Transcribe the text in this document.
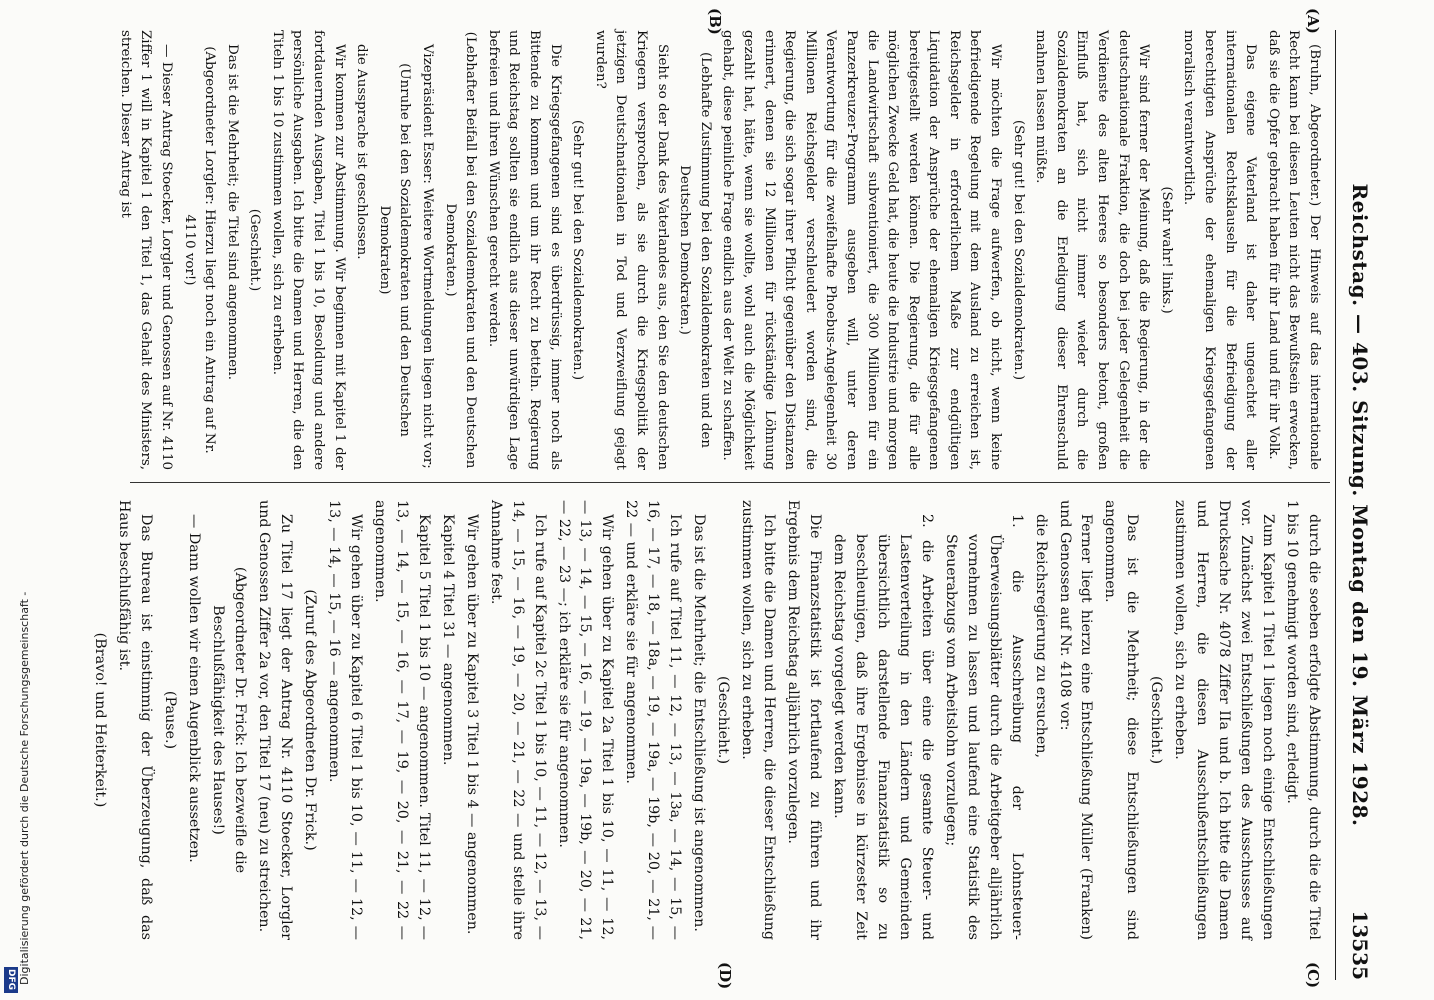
Reichstag. — 403. Sitzung. Montag den 19. März 1928.
13535
(A)
(B)
(C)
(D)
(Bruhn, Abgeordneter.) Der Hinweis auf das internationale Recht kann bei diesen Leuten nicht das Bewußtsein erwecken, daß sie die Opfer gebracht haben für ihr Land und für ihr Volk.
Das eigene Vaterland ist daher ungeachtet aller internationalen Rechtsklauseln für die Befriedigung der berechtigten Ansprüche der ehemaligen Kriegsgefangenen moralisch verantwortlich.
(Sehr wahr! links.)
Wir sind ferner der Meinung, daß die Regierung, in der die deutschnationale Fraktion, die doch bei jeder Gelegenheit die Verdienste des alten Heeres so besonders betont, großen Einfluß hat, sich nicht immer wieder durch die Sozialdemokraten an die Erledigung dieser Ehrenschuld mahnen lassen müßte.
(Sehr gut! bei den Sozialdemokraten.)
Wir möchten die Frage aufwerfen, ob nicht, wenn keine befriedigende Regelung mit dem Ausland zu erreichen ist, Reichsgelder in erforderlichem Maße zur endgültigen Liquidation der Ansprüche der ehemaligen Kriegsgefangenen bereitgestellt werden können. Die Regierung, die für alle möglichen Zwecke Geld hat, die heute die Industrie und morgen die Landwirtschaft subventioniert, die 300 Millionen für ein Panzerkreuzer-Programm ausgeben will, unter deren Verantwortung für die zweifelhafte Phoebus-Angelegenheit 30 Millionen Reichsgelder verschleudert worden sind, die Regierung, die sich sogar ihrer Pflicht gegenüber den Distanzen erinnert, denen sie 12 Millionen für rückständige Löhnung gezahlt hat, hätte, wenn sie wollte, wohl auch die Möglichkeit gehabt, diese peinliche Frage endlich aus der Welt zu schaffen.
(Lebhafte Zustimmung bei den Sozialdemokraten und den Deutschen Demokraten.)
Sieht so der Dank des Vaterlandes aus, den Sie den deutschen Kriegern versprochen, als sie durch die Kriegspolitik der jetzigen Deutschnationalen in Tod und Verzweiflung gejagt wurden?
(Sehr gut! bei den Sozialdemokraten.)
Die Kriegsgefangenen sind es überdrüssig, immer noch als Bittende zu kommen und um ihr Recht zu betteln. Regierung und Reichstag sollten sie endlich aus dieser unwürdigen Lage befreien und ihren Wünschen gerecht werden.
(Lebhafter Beifall bei den Sozialdemokraten und den Deutschen Demokraten.)
Vizepräsident Esser: Weitere Wortmeldungen liegen nicht vor;
(Unruhe bei den Sozialdemokraten und den Deutschen Demokraten)
die Aussprache ist geschlossen.
Wir kommen zur Abstimmung. Wir beginnen mit Kapitel 1 der fortdauernden Ausgaben, Titel 1 bis 10, Besoldung und andere persönliche Ausgaben. Ich bitte die Damen und Herren, die den Titeln 1 bis 10 zustimmen wollen, sich zu erheben.
(Geschieht.)
Das ist die Mehrheit; die Titel sind angenommen.
(Abgeordneter Lorgler: Hierzu liegt noch ein Antrag auf Nr. 4110 vor!)
— Dieser Antrag Stoecker, Lorgler und Genossen auf Nr. 4110 Ziffer 1 will in Kapitel 1 den Titel 1, das Gehalt des Ministers, streichen. Dieser Antrag ist
durch die soeben erfolgte Abstimmung, durch die die Titel 1 bis 10 genehmigt worden sind, erledigt.
Zum Kapitel 1 Titel 1 liegen noch einige Entschließungen vor. Zunächst zwei Entschließungen des Ausschusses auf Drucksache Nr. 4078 Ziffer IIa und b. Ich bitte die Damen und Herren, die diesen Ausschußentschließungen zustimmen wollen, sich zu erheben.
(Geschieht.)
Das ist die Mehrheit; diese Entschließungen sind angenommen.
Ferner liegt hierzu eine Entschließung Müller (Franken) und Genossen auf Nr. 4108 vor:
die Reichsregierung zu ersuchen,
1. die Ausschreibung der Lohnsteuer-Überweisungsblätter durch die Arbeitgeber alljährlich vornehmen zu lassen und laufend eine Statistik des Steuerabzugs vom Arbeitslohn vorzulegen;
2. die Arbeiten über eine die gesamte Steuer- und Lastenverteilung in den Ländern und Gemeinden übersichtlich darstellende Finanzstatistik so zu beschleunigen, daß ihre Ergebnisse in kürzester Zeit dem Reichstag vorgelegt werden kann.
Die Finanzstatistik ist fortlaufend zu führen und ihr Ergebnis dem Reichstag alljährlich vorzulegen.
Ich bitte die Damen und Herren, die dieser Entschließung zustimmen wollen, sich zu erheben.
(Geschieht.)
Das ist die Mehrheit; die Entschließung ist angenommen.
Ich rufe auf Titel 11, — 12, — 13, — 13a, — 14, — 15, — 16, — 17, — 18, — 18a, — 19, — 19a, — 19b, — 20, — 21, — 22 — und erkläre sie für angenommen.
Wir gehen über zu Kapitel 2a Titel 1 bis 10, — 11, — 12, — 13, — 14, — 15, — 16, — 19, — 19a, — 19b, — 20, — 21, — 22, — 23 —; ich erkläre sie für angenommen.
Ich rufe auf Kapitel 2c Titel 1 bis 10, — 11, — 12, — 13, — 14, — 15, — 16, — 19, — 20, — 21, — 22 — und stelle ihre Annahme fest.
Wir gehen über zu Kapitel 3 Titel 1 bis 4 — angenommen.
Kapitel 4 Titel 31 — angenommen.
Kapitel 5 Titel 1 bis 10 — angenommen. Titel 11, — 12, — 13, — 14, — 15, — 16, — 17, — 19, — 20, — 21, — 22 — angenommen.
Wir gehen über zu Kapitel 6 Titel 1 bis 10, — 11, — 12, — 13, — 14, — 15, — 16 — angenommen.
(Zuruf des Abgeordneten Dr. Frick.)
Zu Titel 17 liegt der Antrag Nr. 4110 Stoecker, Lorgler und Genossen Ziffer 2a vor, den Titel 17 (neu) zu streichen.
(Abgeordneter Dr. Frick: Ich bezweifle die Beschlußfähigkeit des Hauses!)
— Dann wollen wir einen Augenblick aussetzen.
(Pause.)
Das Bureau ist einstimmig der Überzeugung, daß das Haus beschlußfähig ist.
(Bravo! und Heiterkeit.)
Digitalisierung gefördert durch die Deutsche Forschungsgemeinschaft -
DFG
